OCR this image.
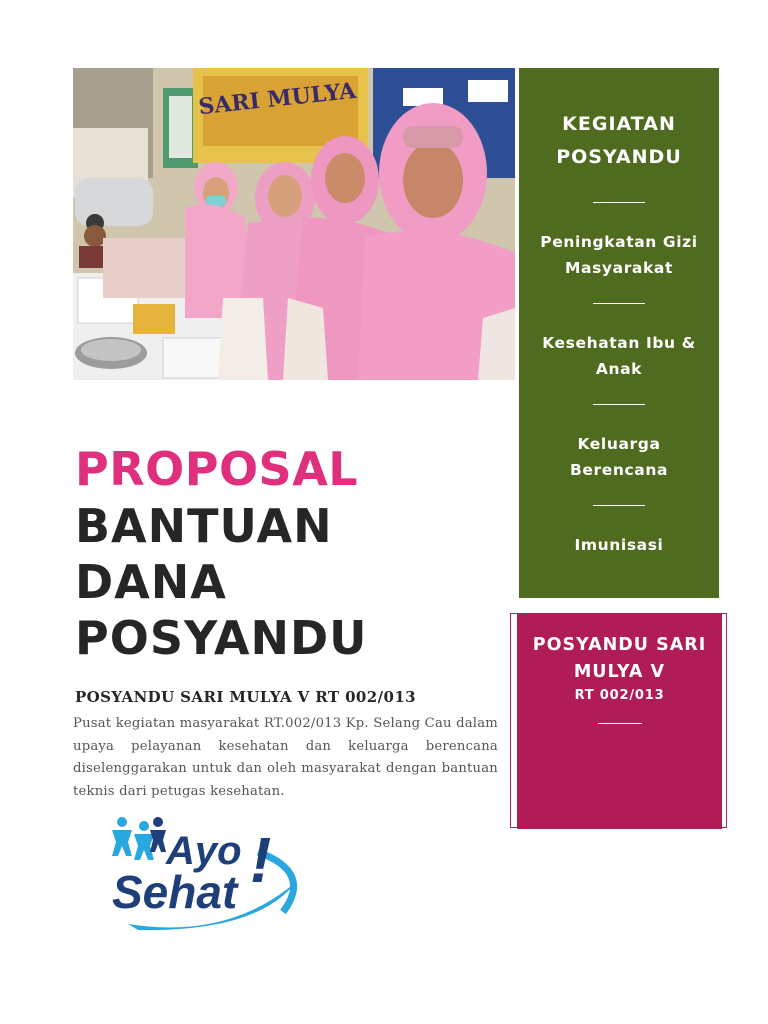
SARI MULYA
KEGIATAN POSYANDU
Peningkatan Gizi Masyarakat
Kesehatan Ibu & Anak
Keluarga Berencana
Imunisasi
POSYANDU SARI MULYA V
RT 002/013
PROPOSAL
BANTUAN
DANA
POSYANDU
POSYANDU SARI MULYA V RT 002/013
Pusat kegiatan masyarakat RT.002/013 Kp. Selang Cau dalam upaya pelayanan kesehatan dan keluarga berencana diselenggarakan untuk dan oleh masyarakat dengan bantuan teknis dari petugas kesehatan.
Ayo
Sehat !
